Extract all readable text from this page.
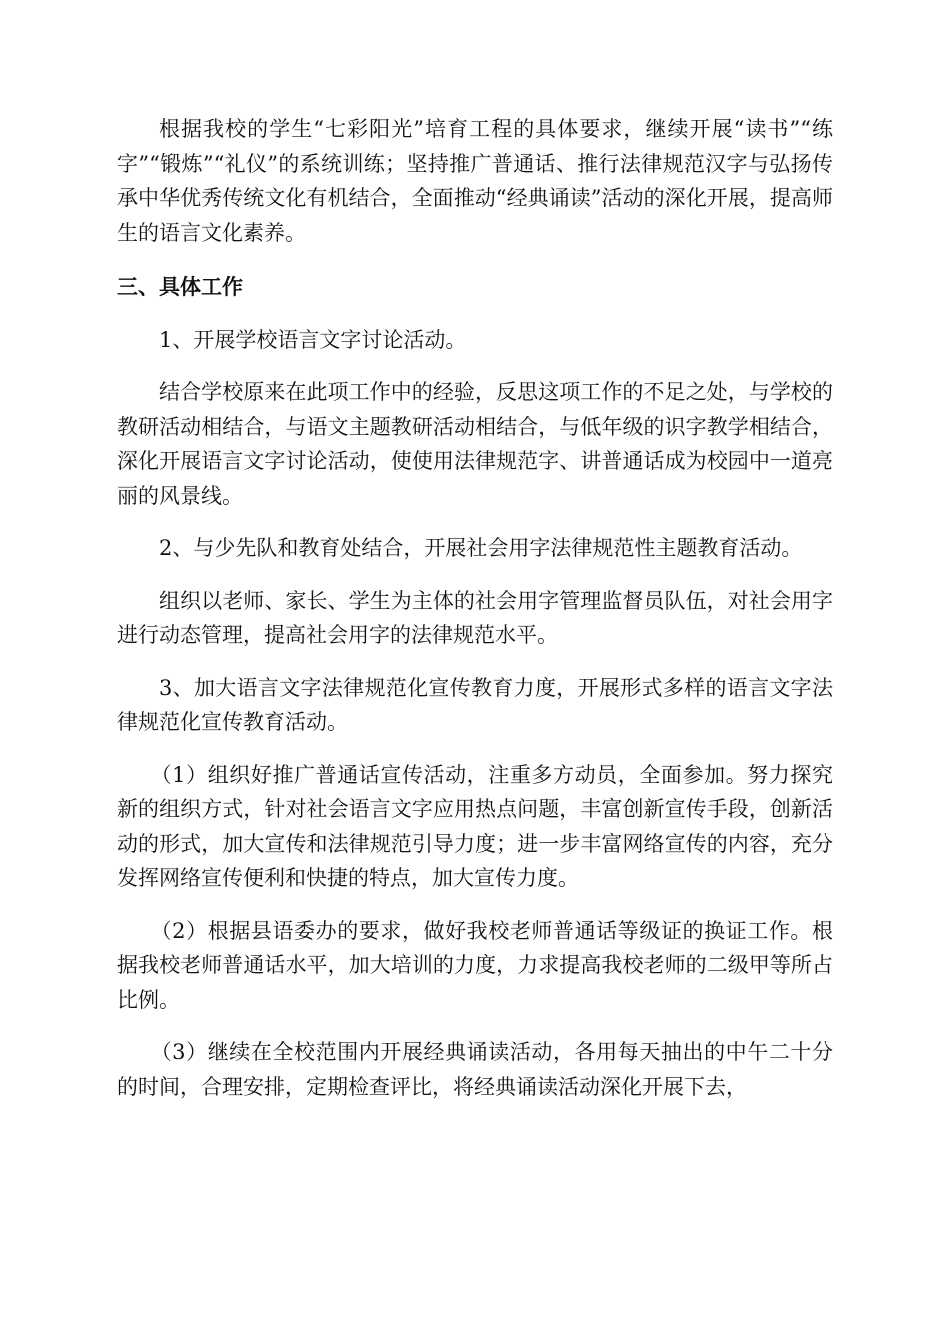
根据我校的学生“七彩阳光”培育工程的具体要求，继续开展“读书”“练字”“锻炼”“礼仪”的系统训练；坚持推广普通话、推行法律规范汉字与弘扬传承中华优秀传统文化有机结合，全面推动“经典诵读”活动的深化开展，提高师生的语言文化素养。

三、具体工作

1、开展学校语言文字讨论活动。

结合学校原来在此项工作中的经验，反思这项工作的不足之处，与学校的教研活动相结合，与语文主题教研活动相结合，与低年级的识字教学相结合，深化开展语言文字讨论活动，使使用法律规范字、讲普通话成为校园中一道亮丽的风景线。

2、与少先队和教育处结合，开展社会用字法律规范性主题教育活动。

组织以老师、家长、学生为主体的社会用字管理监督员队伍，对社会用字进行动态管理，提高社会用字的法律规范水平。

3、加大语言文字法律规范化宣传教育力度，开展形式多样的语言文字法律规范化宣传教育活动。

（1）组织好推广普通话宣传活动，注重多方动员，全面参加。努力探究新的组织方式，针对社会语言文字应用热点问题，丰富创新宣传手段，创新活动的形式，加大宣传和法律规范引导力度；进一步丰富网络宣传的内容，充分发挥网络宣传便利和快捷的特点，加大宣传力度。

（2）根据县语委办的要求，做好我校老师普通话等级证的换证工作。根据我校老师普通话水平，加大培训的力度，力求提高我校老师的二级甲等所占比例。

（3）继续在全校范围内开展经典诵读活动，各用每天抽出的中午二十分的时间，合理安排，定期检查评比，将经典诵读活动深化开展下去，
